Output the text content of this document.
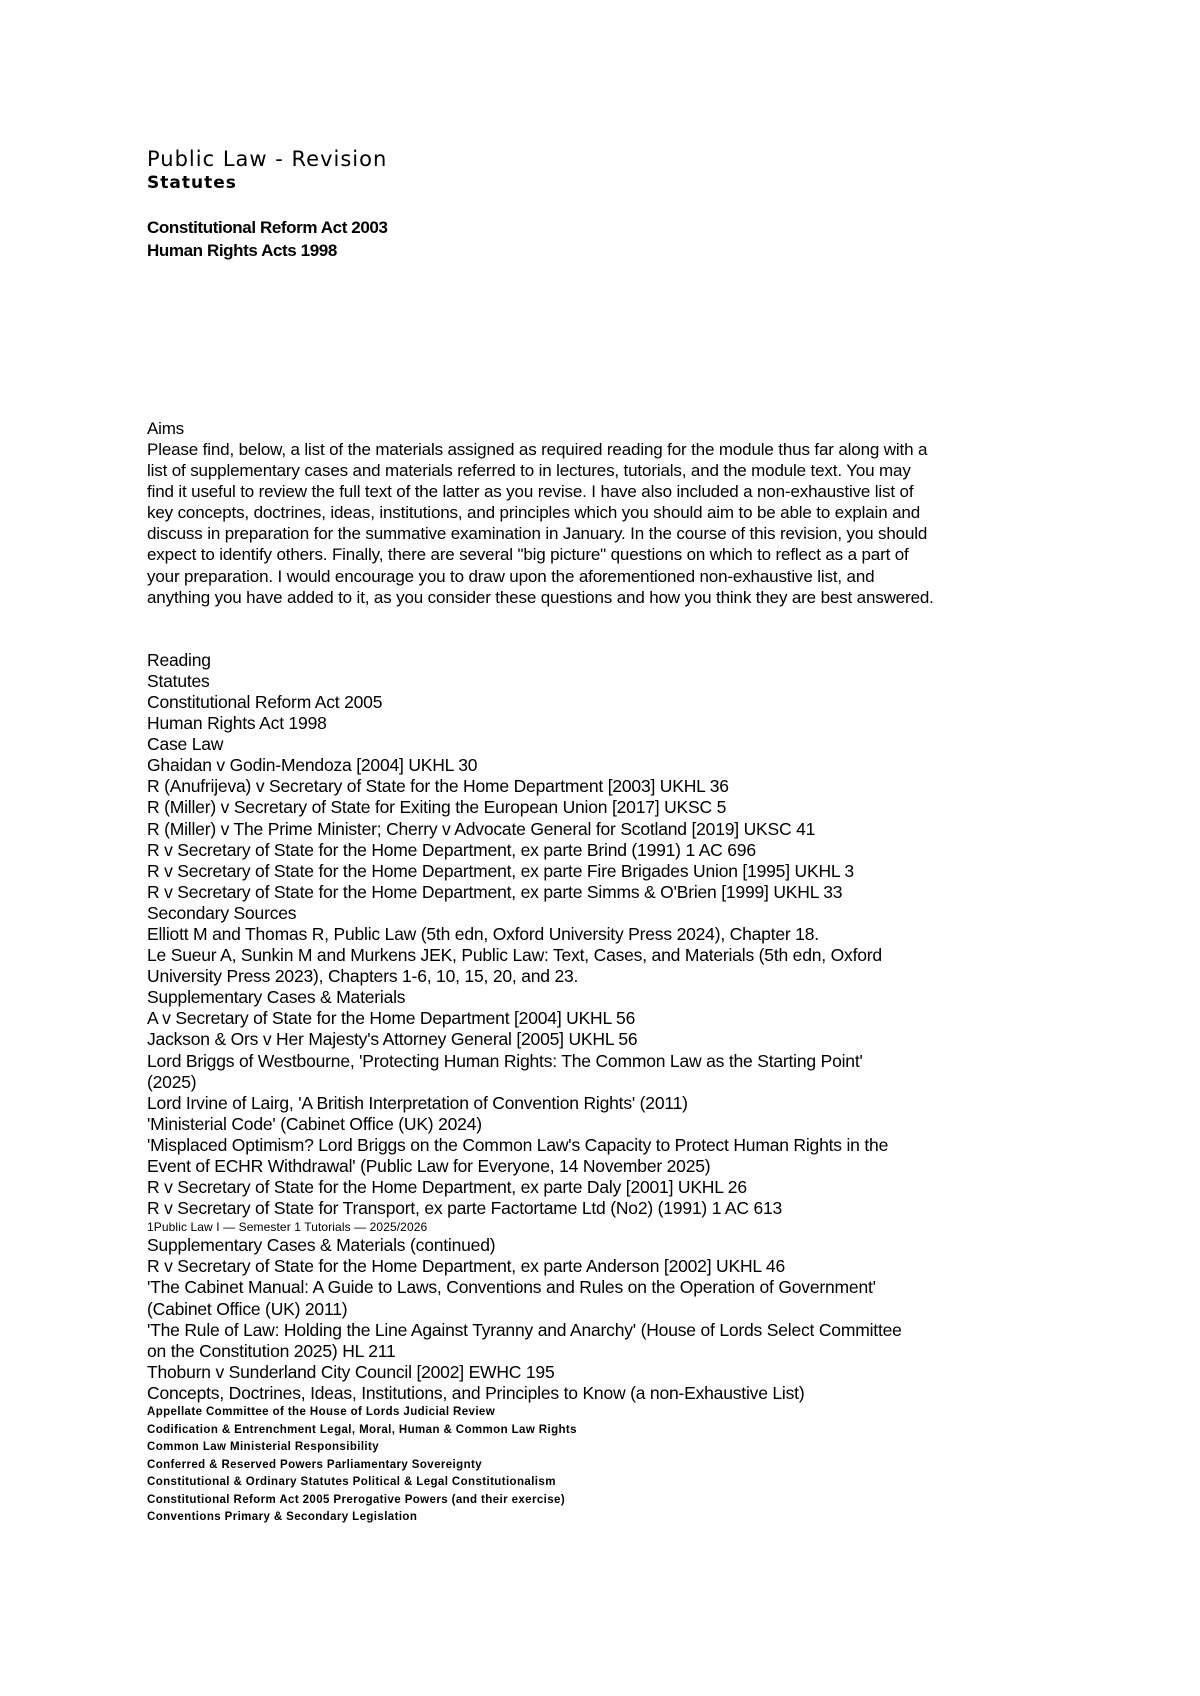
Public Law - Revision
Statutes
Constitutional Reform Act 2003
Human Rights Acts 1998
Aims
Please find, below, a list of the materials assigned as required reading for the module thus far along with a list of supplementary cases and materials referred to in lectures, tutorials, and the module text. You may find it useful to review the full text of the latter as you revise. I have also included a non-exhaustive list of key concepts, doctrines, ideas, institutions, and principles which you should aim to be able to explain and discuss in preparation for the summative examination in January. In the course of this revision, you should expect to identify others. Finally, there are several "big picture" questions on which to reflect as a part of your preparation. I would encourage you to draw upon the aforementioned non-exhaustive list, and anything you have added to it, as you consider these questions and how you think they are best answered.
Reading
Statutes
Constitutional Reform Act 2005
Human Rights Act 1998
Case Law
Ghaidan v Godin-Mendoza [2004] UKHL 30
R (Anufrijeva) v Secretary of State for the Home Department [2003] UKHL 36
R (Miller) v Secretary of State for Exiting the European Union [2017] UKSC 5
R (Miller) v The Prime Minister; Cherry v Advocate General for Scotland [2019] UKSC 41
R v Secretary of State for the Home Department, ex parte Brind (1991) 1 AC 696
R v Secretary of State for the Home Department, ex parte Fire Brigades Union [1995] UKHL 3
R v Secretary of State for the Home Department, ex parte Simms & O'Brien [1999] UKHL 33
Secondary Sources
Elliott M and Thomas R, Public Law (5th edn, Oxford University Press 2024), Chapter 18.
Le Sueur A, Sunkin M and Murkens JEK, Public Law: Text, Cases, and Materials (5th edn, Oxford University Press 2023), Chapters 1-6, 10, 15, 20, and 23.
Supplementary Cases & Materials
A v Secretary of State for the Home Department [2004] UKHL 56
Jackson & Ors v Her Majesty's Attorney General [2005] UKHL 56
Lord Briggs of Westbourne, 'Protecting Human Rights: The Common Law as the Starting Point' (2025)
Lord Irvine of Lairg, 'A British Interpretation of Convention Rights' (2011)
'Ministerial Code' (Cabinet Office (UK) 2024)
'Misplaced Optimism? Lord Briggs on the Common Law's Capacity to Protect Human Rights in the Event of ECHR Withdrawal' (Public Law for Everyone, 14 November 2025)
R v Secretary of State for the Home Department, ex parte Daly [2001] UKHL 26
R v Secretary of State for Transport, ex parte Factortame Ltd (No2) (1991) 1 AC 613
1Public Law I — Semester 1 Tutorials — 2025/2026
Supplementary Cases & Materials (continued)
R v Secretary of State for the Home Department, ex parte Anderson [2002] UKHL 46
'The Cabinet Manual: A Guide to Laws, Conventions and Rules on the Operation of Government' (Cabinet Office (UK) 2011)
'The Rule of Law: Holding the Line Against Tyranny and Anarchy' (House of Lords Select Committee on the Constitution 2025) HL 211
Thoburn v Sunderland City Council [2002] EWHC 195
Concepts, Doctrines, Ideas, Institutions, and Principles to Know (a non-Exhaustive List)
Appellate Committee of the House of Lords Judicial Review
Codification & Entrenchment Legal, Moral, Human & Common Law Rights
Common Law Ministerial Responsibility
Conferred & Reserved Powers Parliamentary Sovereignty
Constitutional & Ordinary Statutes Political & Legal Constitutionalism
Constitutional Reform Act 2005 Prerogative Powers (and their exercise)
Conventions Primary & Secondary Legislation
